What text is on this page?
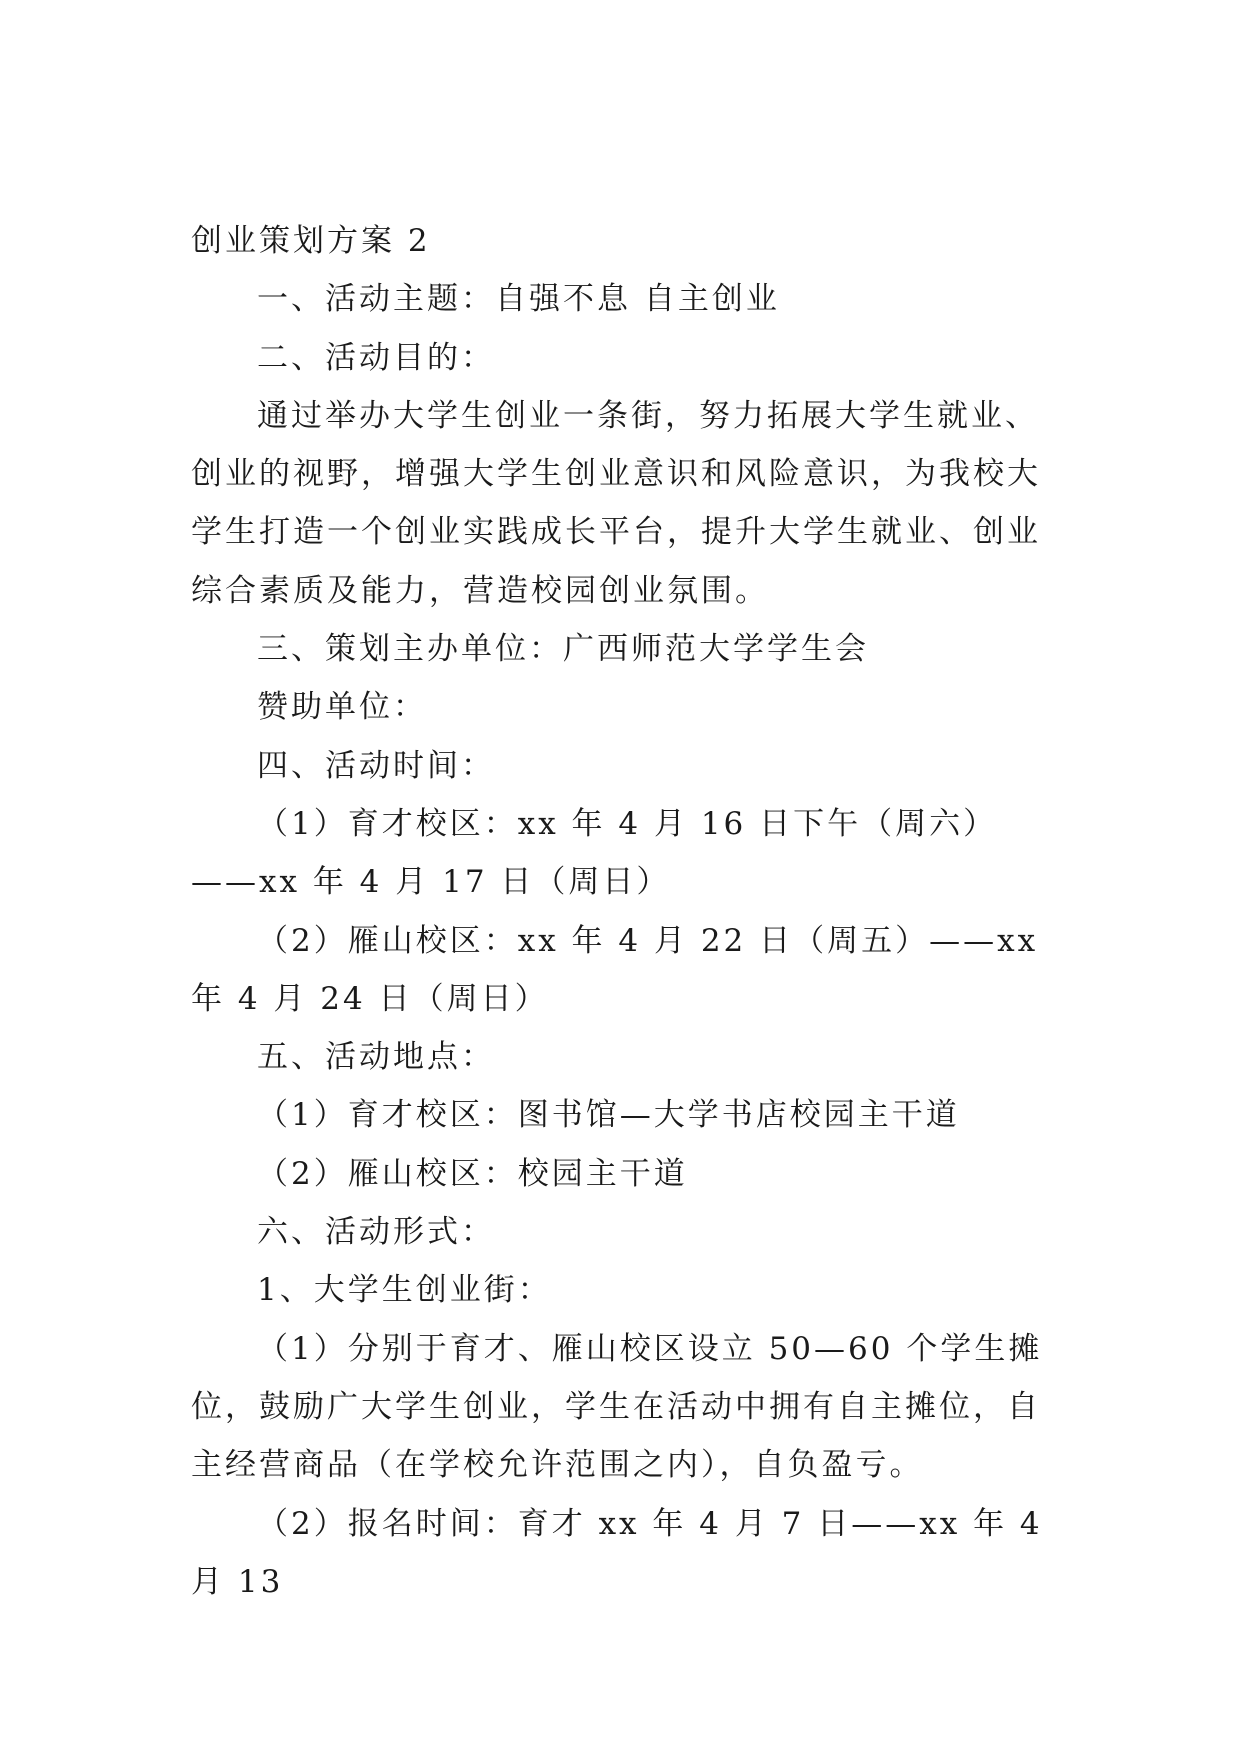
创业策划方案 2

一、活动主题：自强不息 自主创业

二、活动目的：

通过举办大学生创业一条街，努力拓展大学生就业、创业的视野，增强大学生创业意识和风险意识，为我校大学生打造一个创业实践成长平台，提升大学生就业、创业综合素质及能力，营造校园创业氛围。

三、策划主办单位：广西师范大学学生会

赞助单位：

四、活动时间：

（1）育才校区：xx 年 4 月 16 日下午（周六）——xx 年 4 月 17 日（周日）

（2）雁山校区：xx 年 4 月 22 日（周五）——xx 年 4 月 24 日（周日）

五、活动地点：

（1）育才校区：图书馆—大学书店校园主干道

（2）雁山校区：校园主干道

六、活动形式：

1、大学生创业街：

（1）分别于育才、雁山校区设立 50—60 个学生摊位，鼓励广大学生创业，学生在活动中拥有自主摊位，自主经营商品（在学校允许范围之内），自负盈亏。

（2）报名时间：育才 xx 年 4 月 7 日——xx 年 4 月 13
